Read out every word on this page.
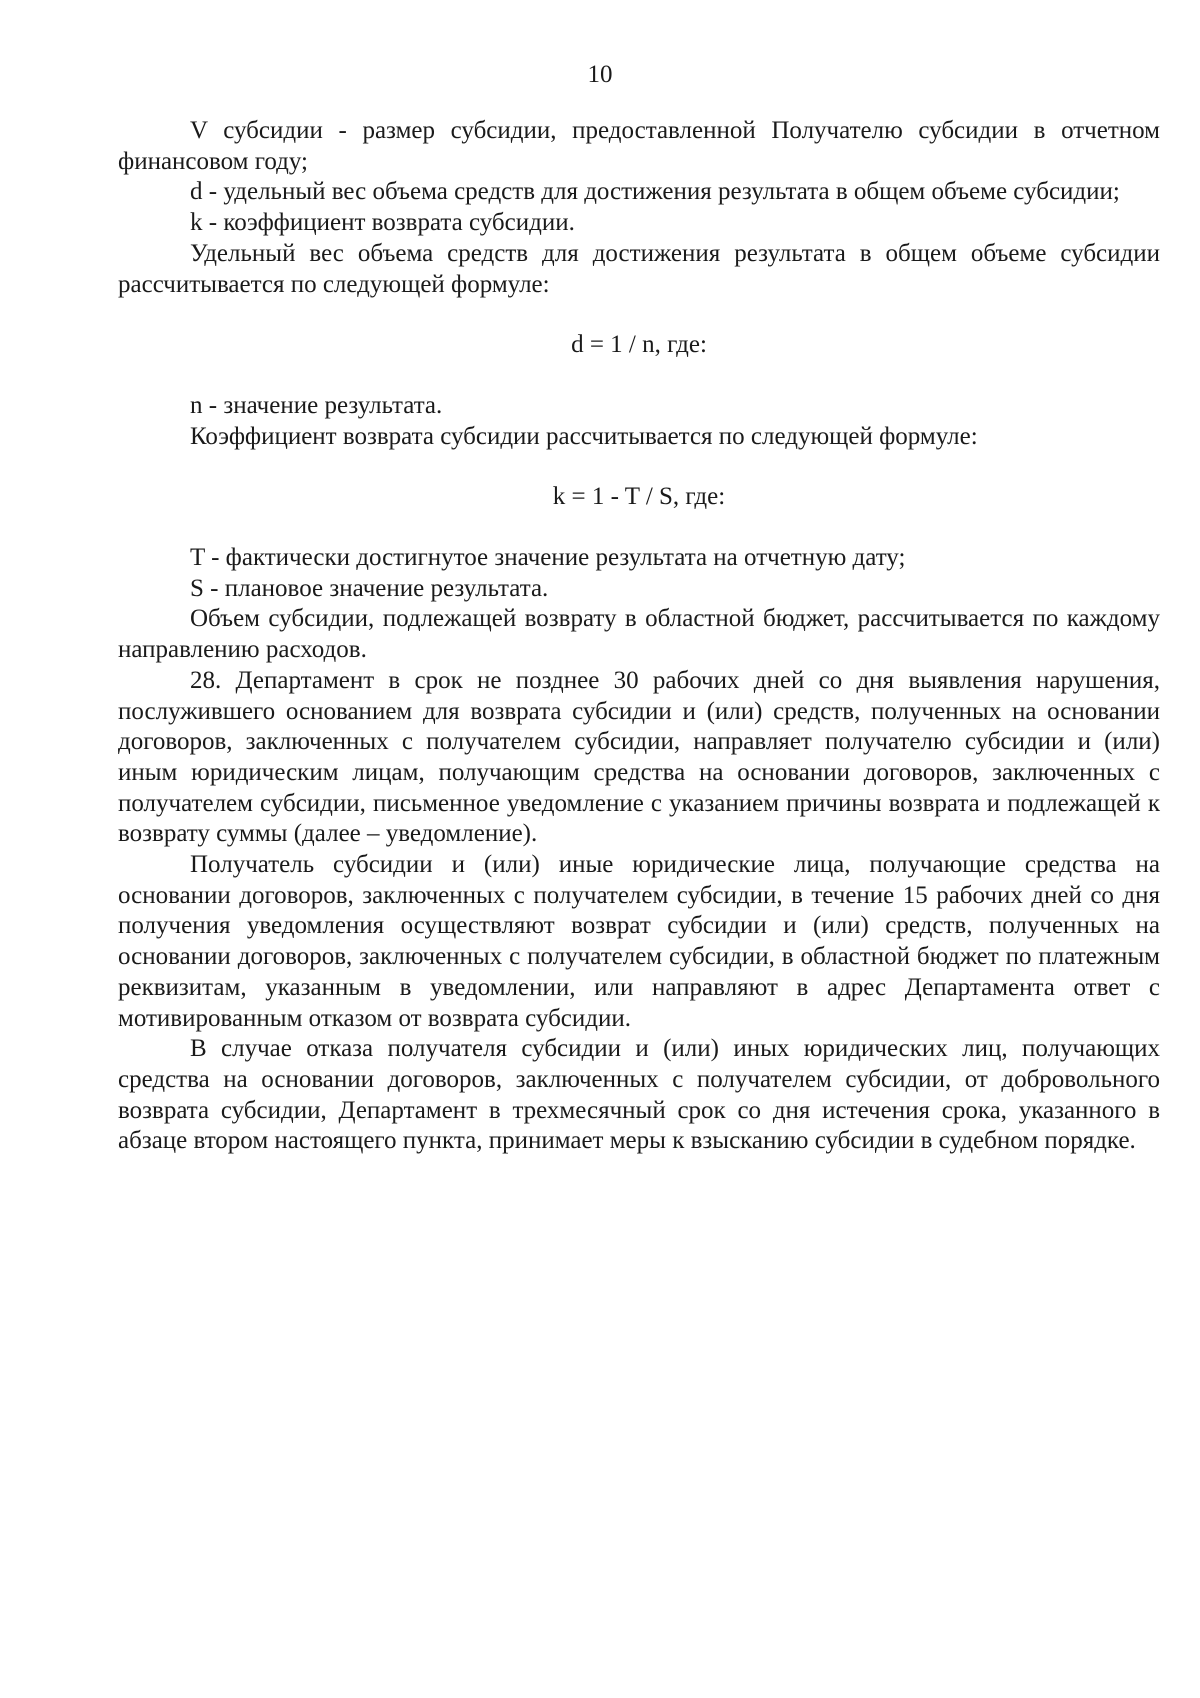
10

V субсидии - размер субсидии, предоставленной Получателю субсидии в отчетном финансовом году;

d - удельный вес объема средств для достижения результата в общем объеме субсидии;

k - коэффициент возврата субсидии.

Удельный вес объема средств для достижения результата в общем объеме субсидии рассчитывается по следующей формуле:

d = 1 / n, где:

n - значение результата.

Коэффициент возврата субсидии рассчитывается по следующей формуле:

k = 1 - T / S, где:

T - фактически достигнутое значение результата на отчетную дату;

S - плановое значение результата.

Объем субсидии, подлежащей возврату в областной бюджет, рассчитывается по каждому направлению расходов.

28. Департамент в срок не позднее 30 рабочих дней со дня выявления нарушения, послужившего основанием для возврата субсидии и (или) средств, полученных на основании договоров, заключенных с получателем субсидии, направляет получателю субсидии и (или) иным юридическим лицам, получающим средства на основании договоров, заключенных с получателем субсидии, письменное уведомление с указанием причины возврата и подлежащей к возврату суммы (далее – уведомление).

Получатель субсидии и (или) иные юридические лица, получающие средства на основании договоров, заключенных с получателем субсидии, в течение 15 рабочих дней со дня получения уведомления осуществляют возврат субсидии и (или) средств, полученных на основании договоров, заключенных с получателем субсидии, в областной бюджет по платежным реквизитам, указанным в уведомлении, или направляют в адрес Департамента ответ с мотивированным отказом от возврата субсидии.

В случае отказа получателя субсидии и (или) иных юридических лиц, получающих средства на основании договоров, заключенных с получателем субсидии, от добровольного возврата субсидии, Департамент в трехмесячный срок со дня истечения срока, указанного в абзаце втором настоящего пункта, принимает меры к взысканию субсидии в судебном порядке.
